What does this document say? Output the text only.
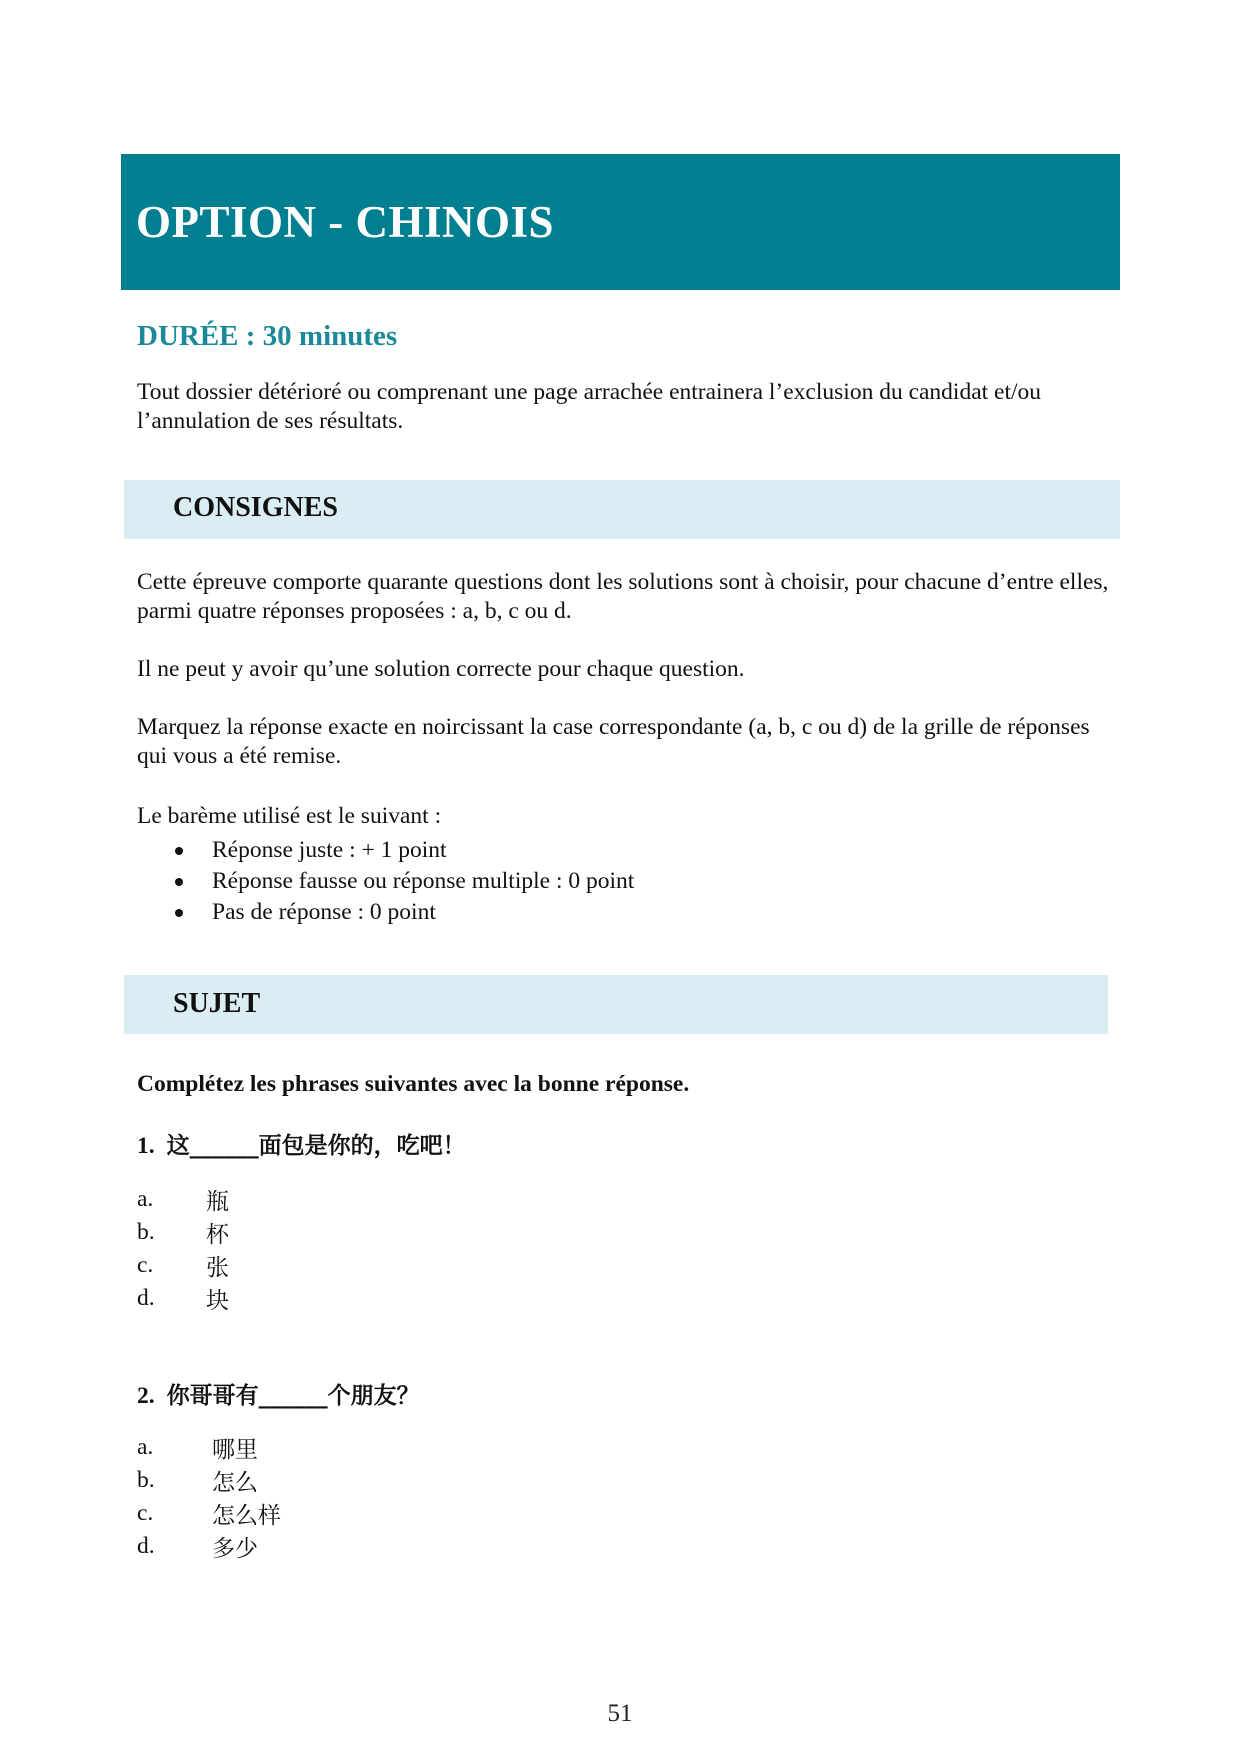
OPTION - CHINOIS
DURÉE : 30 minutes
Tout dossier détérioré ou comprenant une page arrachée entrainera l’exclusion du candidat et/ou l’annulation de ses résultats.
CONSIGNES
Cette épreuve comporte quarante questions dont les solutions sont à choisir, pour chacune d’entre elles, parmi quatre réponses proposées : a, b, c ou d.
Il ne peut y avoir qu’une solution correcte pour chaque question.
Marquez la réponse exacte en noircissant la case correspondante (a, b, c ou d) de la grille de réponses qui vous a été remise.
Le barème utilisé est le suivant :
Réponse juste : + 1 point
Réponse fausse ou réponse multiple : 0 point
Pas de réponse : 0 point
SUJET
Complétez les phrases suivantes avec la bonne réponse.
1. 这______面包是你的，吃吧！
a.	瓶
b.	杯
c.	张
d.	块
2. 你哥哥有______个朋友？
a.	哪里
b.	怎么
c.	怎么样
d.	多少
51
